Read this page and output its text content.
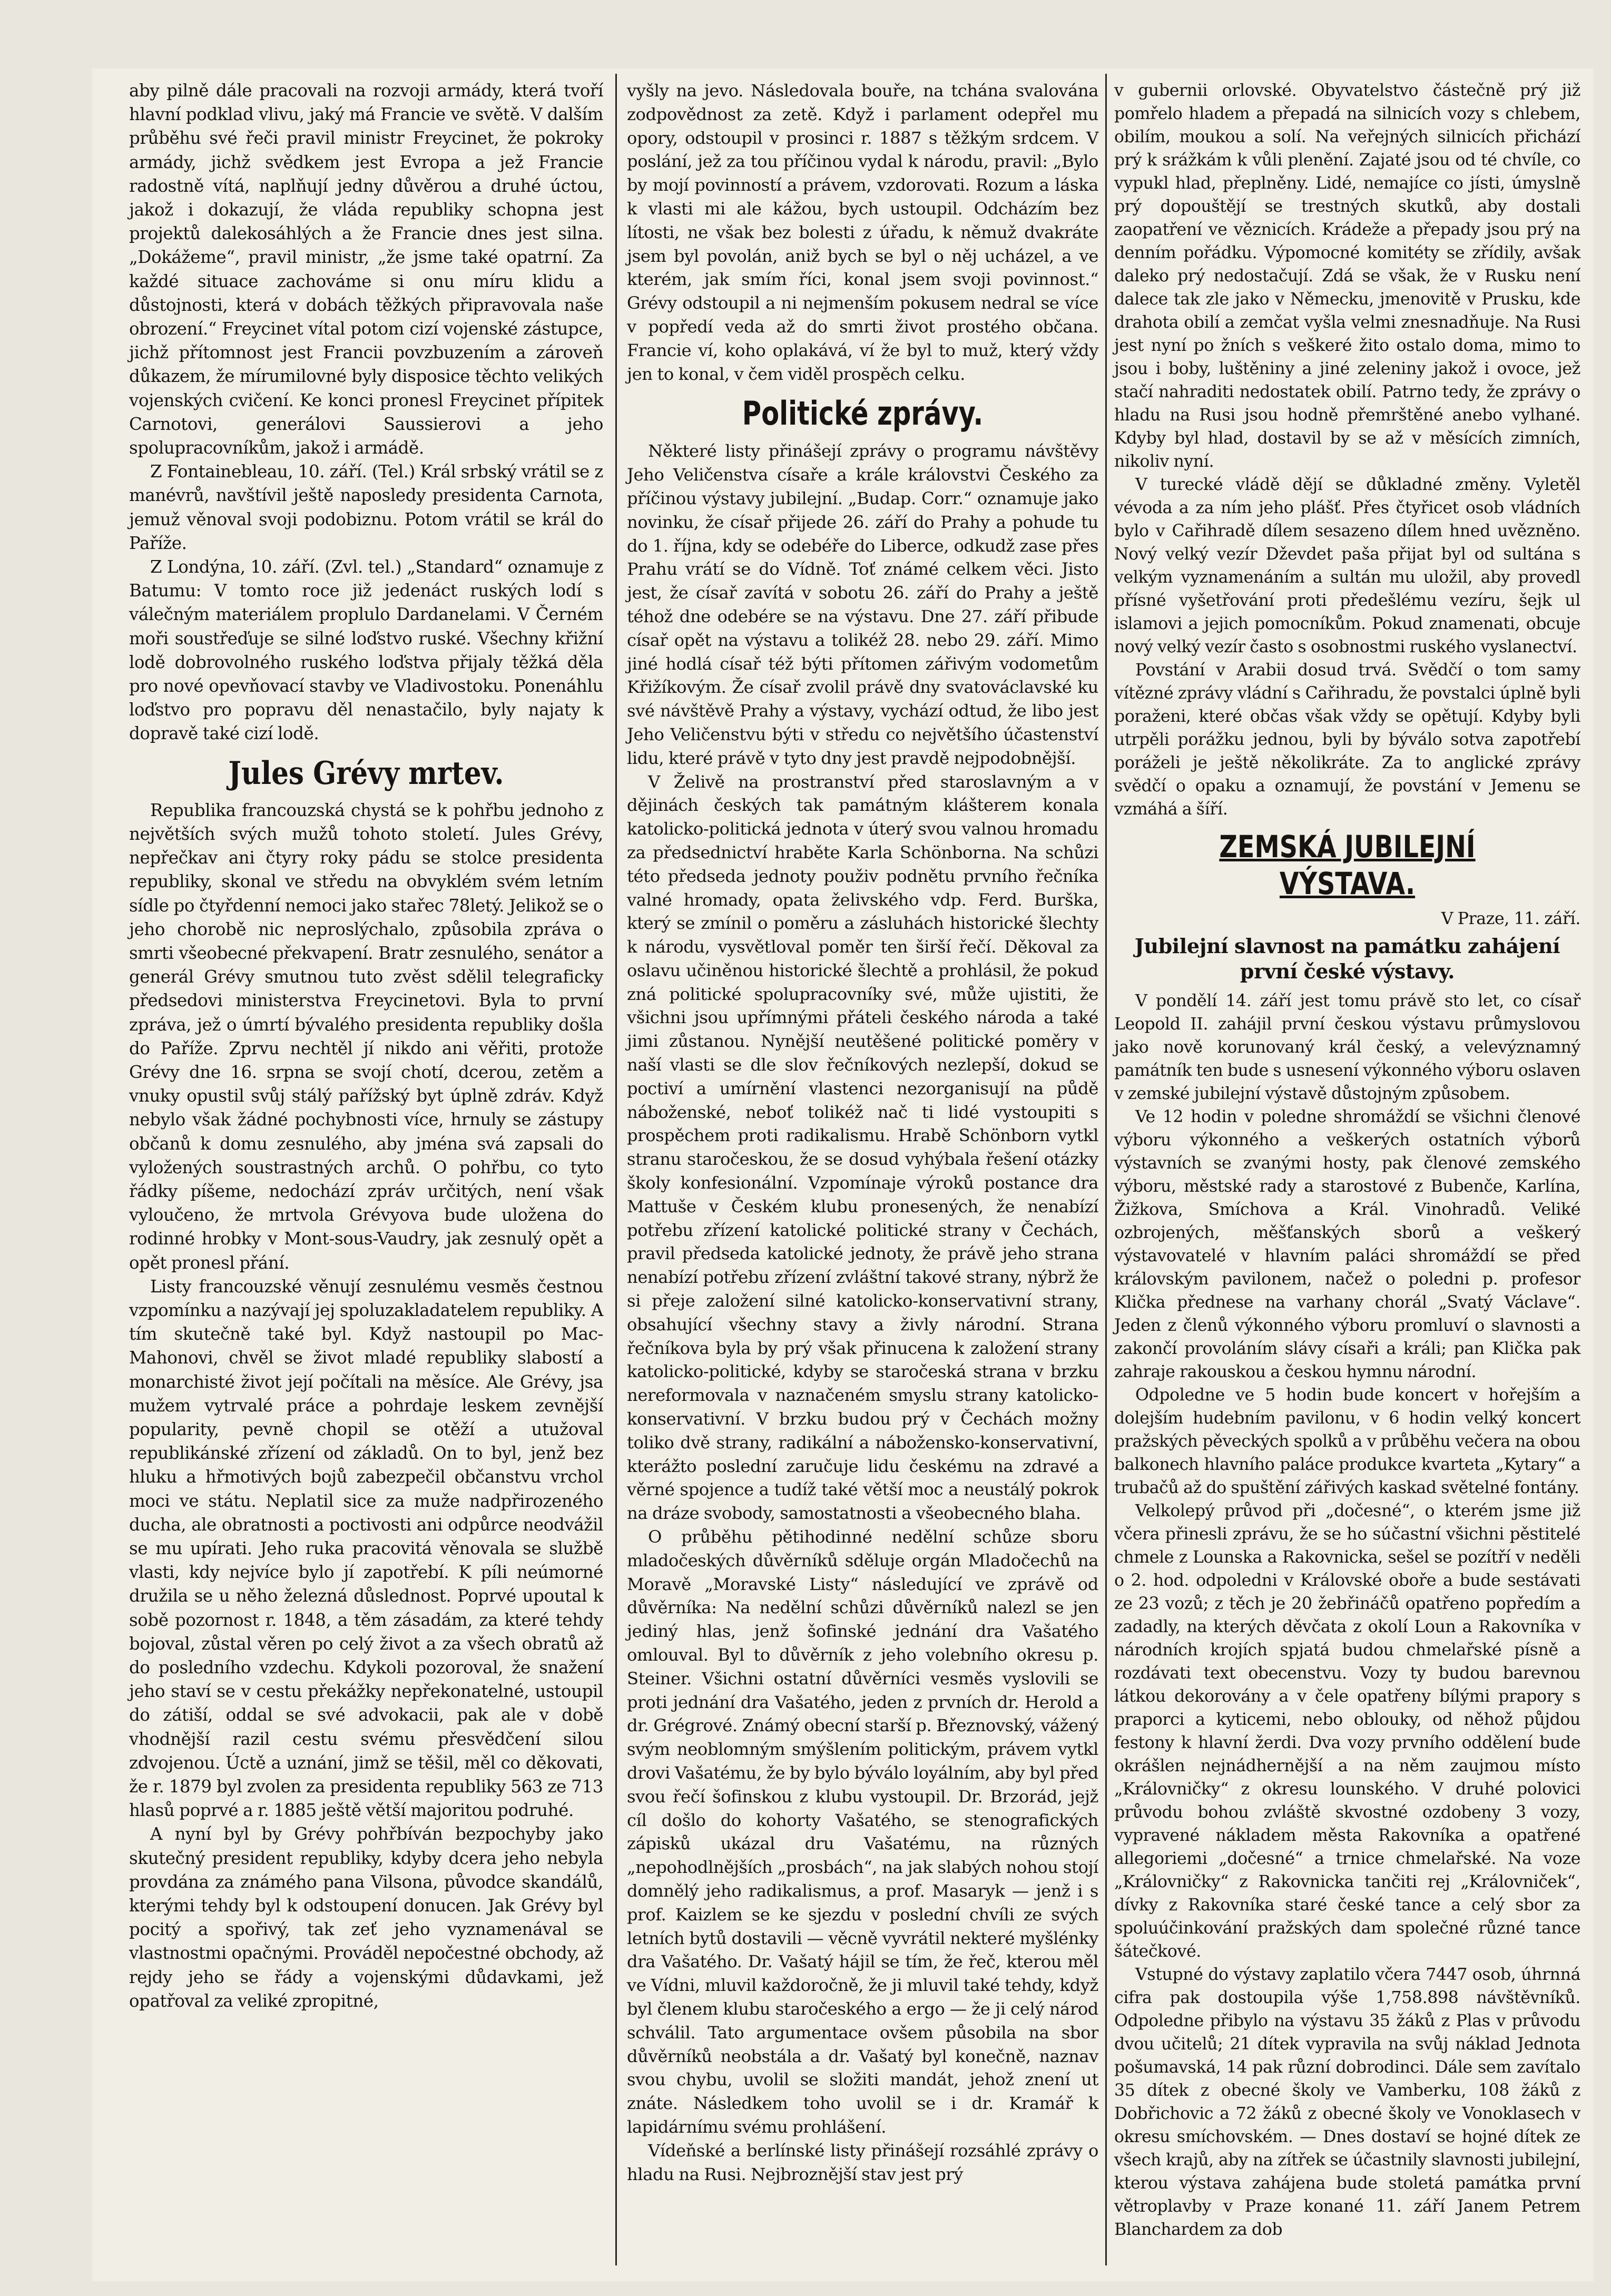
aby pilně dále pracovali na rozvoji armády, která tvoří hlavní podklad vlivu, jaký má Francie ve světě. V dalším průběhu své řeči pravil ministr Freycinet, že pokroky armády, jichž svědkem jest Evropa a jež Francie radostně vítá, naplňují jedny důvěrou a druhé úctou, jakož i dokazují, že vláda republiky schopna jest projektů dalekosáhlých a že Francie dnes jest silna. „Dokážeme“, pravil ministr, „že jsme také opatrní. Za každé situace zachováme si onu míru klidu a důstojnosti, která v dobách těžkých připravovala naše obrození.“ Freycinet vítal potom cizí vojenské zástupce, jichž přítomnost jest Francii povzbuzením a zároveň důkazem, že mírumilovné byly disposice těchto velikých vojenských cvičení. Ke konci pronesl Freycinet přípitek Carnotovi, generálovi Saussierovi a jeho spolupracovníkům, jakož i armádě.

Z Fontainebleau, 10. září. (Tel.) Král srbský vrátil se z manévrů, navštívil ještě naposledy presidenta Carnota, jemuž věnoval svoji podobiznu. Potom vrátil se král do Paříže.

Z Londýna, 10. září. (Zvl. tel.) „Standard“ oznamuje z Batumu: V tomto roce již jedenáct ruských lodí s válečným materiálem proplulo Dardanelami. V Černém moři soustřeďuje se silné loďstvo ruské. Všechny křižní lodě dobrovolného ruského loďstva přijaly těžká děla pro nové opevňovací stavby ve Vladivostoku. Ponenáhlu loďstvo pro popravu děl nenastačilo, byly najaty k dopravě také cizí lodě.

Jules Grévy mrtev.

Republika francouzská chystá se k pohřbu jednoho z největších svých mužů tohoto století. Jules Grévy, nepřečkav ani čtyry roky pádu se stolce presidenta republiky, skonal ve středu na obvyklém svém letním sídle po čtyřdenní nemoci jako stařec 78letý. Jelikož se o jeho chorobě nic neproslýchalo, způsobila zpráva o smrti všeobecné překvapení. Bratr zesnulého, senátor a generál Grévy smutnou tuto zvěst sdělil telegraficky předsedovi ministerstva Freycinetovi. Byla to první zpráva, jež o úmrtí bývalého presidenta republiky došla do Paříže. Zprvu nechtěl jí nikdo ani věřiti, protože Grévy dne 16. srpna se svojí chotí, dcerou, zetěm a vnuky opustil svůj stálý pařížský byt úplně zdráv. Když nebylo však žádné pochybnosti více, hrnuly se zástupy občanů k domu zesnulého, aby jména svá zapsali do vyložených soustrastných archů. O pohřbu, co tyto řádky píšeme, nedochází zpráv určitých, není však vyloučeno, že mrtvola Grévyova bude uložena do rodinné hrobky v Mont-sous-Vaudry, jak zesnulý opět a opět pronesl přání.

Listy francouzské věnují zesnulému vesměs čestnou vzpomínku a nazývají jej spoluzakladatelem republiky. A tím skutečně také byl. Když nastoupil po Mac-Mahonovi, chvěl se život mladé republiky slabostí a monarchisté život její počítali na měsíce. Ale Grévy, jsa mužem vytrvalé práce a pohrdaje leskem zevnější popularity, pevně chopil se otěží a utužoval republikánské zřízení od základů. On to byl, jenž bez hluku a hřmotivých bojů zabezpečil občanstvu vrchol moci ve státu. Neplatil sice za muže nadpřirozeného ducha, ale obratnosti a poctivosti ani odpůrce neodvážil se mu upírati. Jeho ruka pracovitá věnovala se službě vlasti, kdy nejvíce bylo jí zapotřebí. K píli neúmorné družila se u něho železná důslednost. Poprvé upoutal k sobě pozornost r. 1848, a těm zásadám, za které tehdy bojoval, zůstal věren po celý život a za všech obratů až do posledního vzdechu. Kdykoli pozoroval, že snažení jeho staví se v cestu překážky nepřekonatelné, ustoupil do zátiší, oddal se své advokacii, pak ale v době vhodnější razil cestu svému přesvědčení silou zdvojenou. Úctě a uznání, jimž se těšil, měl co děkovati, že r. 1879 byl zvolen za presidenta republiky 563 ze 713 hlasů poprvé a r. 1885 ještě větší majoritou podruhé.

A nyní byl by Grévy pohřbíván bezpochyby jako skutečný president republiky, kdyby dcera jeho nebyla provdána za známého pana Vilsona, původce skandálů, kterými tehdy byl k odstoupení donucen. Jak Grévy byl pocitý a spořivý, tak zeť jeho vyznamenával se vlastnostmi opačnými. Prováděl nepočestné obchody, až rejdy jeho se řády a vojenskými důdavkami, jež opatřoval za veliké zpropitné,

vyšly na jevo. Následovala bouře, na tchána svalována zodpovědnost za zetě. Když i parlament odepřel mu opory, odstoupil v prosinci r. 1887 s těžkým srdcem. V poslání, jež za tou příčinou vydal k národu, pravil: „Bylo by mojí povinností a právem, vzdorovati. Rozum a láska k vlasti mi ale kážou, bych ustoupil. Odcházím bez lítosti, ne však bez bolesti z úřadu, k němuž dvakráte jsem byl povolán, aniž bych se byl o něj ucházel, a ve kterém, jak smím říci, konal jsem svoji povinnost.“ Grévy odstoupil a ni nejmenším pokusem nedral se více v popředí veda až do smrti život prostého občana. Francie ví, koho oplakává, ví že byl to muž, který vždy jen to konal, v čem viděl prospěch celku.

Politické zprávy.

Některé listy přinášejí zprávy o programu návštěvy Jeho Veličenstva císaře a krále královstvi Českého za příčinou výstavy jubilejní. „Budap. Corr.“ oznamuje jako novinku, že císař přijede 26. září do Prahy a pohude tu do 1. října, kdy se odebéře do Liberce, odkudž zase přes Prahu vrátí se do Vídně. Toť známé celkem věci. Jisto jest, že císař zavítá v sobotu 26. září do Prahy a ještě téhož dne odebére se na výstavu. Dne 27. září přibude císař opět na výstavu a tolikéž 28. nebo 29. září. Mimo jiné hodlá císař též býti přítomen zářivým vodometům Křižíkovým. Že císař zvolil právě dny svatováclavské ku své návštěvě Prahy a výstavy, vychází odtud, že libo jest Jeho Veličenstvu býti v středu co největšího účastenství lidu, které právě v tyto dny jest pravdě nejpodobnější.

V Želivě na prostranství před staroslavným a v dějinách českých tak památným klášterem konala katolicko-politická jednota v úterý svou valnou hromadu za předsednictví hraběte Karla Schönborna. Na schůzi této předseda jednoty použiv podnětu prvního řečníka valné hromady, opata želivského vdp. Ferd. Burška, který se zmínil o poměru a zásluhách historické šlechty k národu, vysvětloval poměr ten širší řečí. Děkoval za oslavu učiněnou historické šlechtě a prohlásil, že pokud zná politické spolupracovníky své, může ujistiti, že všichni jsou upřímnými přáteli českého národa a také jimi zůstanou. Nynější neutěšené politické poměry v naší vlasti se dle slov řečníkových nezlepší, dokud se poctiví a umírnění vlastenci nezorganisují na půdě náboženské, neboť tolikéž nač ti lidé vystoupiti s prospěchem proti radikalismu. Hrabě Schönborn vytkl stranu staročeskou, že se dosud vyhýbala řešení otázky školy konfesionální. Vzpomínaje výroků postance dra Mattuše v Českém klubu pronesených, že nenabízí potřebu zřízení katolické politické strany v Čechách, pravil předseda katolické jednoty, že právě jeho strana nenabízí potřebu zřízení zvláštní takové strany, nýbrž že si přeje založení silné katolicko-konservativní strany, obsahující všechny stavy a živly národní. Strana řečníkova byla by prý však přinucena k založení strany katolicko-politické, kdyby se staročeská strana v brzku nereformovala v naznačeném smyslu strany katolicko-konservativní. V brzku budou prý v Čechách možny toliko dvě strany, radikální a nábožensko-konservativní, kterážto poslední zaručuje lidu českému na zdravé a věrné spojence a tudíž také větší moc a neustálý pokrok na dráze svobody, samostatnosti a všeobecného blaha.

O průběhu pětihodinné nedělní schůze sboru mladočeských důvěrníků sděluje orgán Mladočechů na Moravě „Moravské Listy“ následující ve zprávě od důvěrníka: Na nedělní schůzi důvěrníků nalezl se jen jediný hlas, jenž šofinské jednání dra Vašatého omlouval. Byl to důvěrník z jeho volebního okresu p. Steiner. Všichni ostatní důvěrníci vesměs vyslovili se proti jednání dra Vašatého, jeden z prvních dr. Herold a dr. Grégrové. Známý obecní starší p. Březnovský, vážený svým neoblomným smýšlením politickým, právem vytkl drovi Vašatému, že by bylo býválo loyálním, aby byl před svou řečí šofinskou z klubu vystoupil. Dr. Brzorád, jejž cíl došlo do kohorty Vašatého, se stenografických zápisků ukázal dru Vašatému, na různých „nepohodlnějších „prosbách“, na jak slabých nohou stojí domnělý jeho radikalismus, a prof. Masaryk — jenž i s prof. Kaizlem se ke sjezdu v poslední chvíli ze svých letních bytů dostavili — věcně vyvrátil nekteré myšlénky dra Vašatého. Dr. Vašatý hájil se tím, že řeč, kterou měl ve Vídni, mluvil každoročně, že ji mluvil také tehdy, když byl členem klubu staročeského a ergo — že ji celý národ schválil. Tato argumentace ovšem působila na sbor důvěrníků neobstála a dr. Vašatý byl konečně, naznav svou chybu, uvolil se složiti mandát, jehož znení ut znáte. Následkem toho uvolil se i dr. Kramář k lapidárnímu svému prohlášení.

Vídeňské a berlínské listy přinášejí rozsáhlé zprávy o hladu na Rusi. Nejbroznější stav jest prý

v gubernii orlovské. Obyvatelstvo částečně prý již pomřelo hladem a přepadá na silnicích vozy s chlebem, obilím, moukou a solí. Na veřejných silnicích přichází prý k srážkám k vůli plenění. Zajaté jsou od té chvíle, co vypukl hlad, přeplněny. Lidé, nemajíce co jísti, úmyslně prý dopouštějí se trestných skutků, aby dostali zaopatření ve věznicích. Krádeže a přepady jsou prý na denním pořádku. Výpomocné komitéty se zřídily, avšak daleko prý nedostačují. Zdá se však, že v Rusku není dalece tak zle jako v Německu, jmenovitě v Prusku, kde drahota obilí a zemčat vyšla velmi znesnadňuje. Na Rusi jest nyní po žních s veškeré žito ostalo doma, mimo to jsou i boby, luštěniny a jiné zeleniny jakož i ovoce, jež stačí nahraditi nedostatek obilí. Patrno tedy, že zprávy o hladu na Rusi jsou hodně přemrštěné anebo vylhané. Kdyby byl hlad, dostavil by se až v měsících zimních, nikoliv nyní.

V turecké vládě dějí se důkladné změny. Vyletěl vévoda a za ním jeho plášť. Přes čtyřicet osob vládních bylo v Cařihradě dílem sesazeno dílem hned uvězněno. Nový velký vezír Dževdet paša přijat byl od sultána s velkým vyznamenáním a sultán mu uložil, aby provedl přísné vyšetřování proti předešlému vezíru, šejk ul islamovi a jejich pomocníkům. Pokud znamenati, obcuje nový velký vezír často s osobnostmi ruského vyslanectví.

Povstání v Arabii dosud trvá. Svědčí o tom samy vítězné zprávy vládní s Cařihradu, že povstalci úplně byli poraženi, které občas však vždy se opětují. Kdyby byli utrpěli porážku jednou, byli by býválo sotva zapotřebí poráželi je ještě několikráte. Za to anglické zprávy svědčí o opaku a oznamují, že povstání v Jemenu se vzmáhá a šíří.

ZEMSKÁ JUBILEJNÍ VÝSTAVA.

V Praze, 11. září.

Jubilejní slavnost na památku zahájení první české výstavy.

V pondělí 14. září jest tomu právě sto let, co císař Leopold II. zahájil první českou výstavu průmyslovou jako nově korunovaný král český, a velevýznamný památník ten bude s usnesení výkonného výboru oslaven v zemské jubilejní výstavě důstojným způsobem.

Ve 12 hodin v poledne shromáždí se všichni členové výboru výkonného a veškerých ostatních výborů výstavních se zvanými hosty, pak členové zemského výboru, městské rady a starostové z Bubenče, Karlína, Žižkova, Smíchova a Král. Vinohradů. Veliké ozbrojených, měšťanských sborů a veškerý výstavovatelé v hlavním paláci shromáždí se před královským pavilonem, načež o poledni p. profesor Klička přednese na varhany chorál „Svatý Václave“. Jeden z členů výkonného výboru promluví o slavnosti a zakončí provoláním slávy císaři a králi; pan Klička pak zahraje rakouskou a českou hymnu národní.

Odpoledne ve 5 hodin bude koncert v hořejším a dolejším hudebním pavilonu, v 6 hodin velký koncert pražských pěveckých spolků a v průběhu večera na obou balkonech hlavního paláce produkce kvarteta „Kytary“ a trubačů až do spuštění zářivých kaskad světelné fontány.

Velkolepý průvod při „dočesné“, o kterém jsme již včera přinesli zprávu, že se ho súčastní všichni pěstitelé chmele z Lounska a Rakovnicka, sešel se pozítří v neděli o 2. hod. odpoledni v Královské oboře a bude sestávati ze 23 vozů; z těch je 20 žebřináčů opatřeno popředím a zadadly, na kterých děvčata z okolí Loun a Rakovníka v národních krojích spjatá budou chmelařské písně a rozdávati text obecenstvu. Vozy ty budou barevnou látkou dekorovány a v čele opatřeny bílými prapory s praporci a kyticemi, nebo oblouky, od něhož půjdou festony k hlavní žerdi. Dva vozy prvního oddělení bude okrášlen nejnádhernější a na něm zaujmou místo „Královničky“ z okresu lounského. V druhé polovici průvodu bohou zvláště skvostné ozdobeny 3 vozy, vypravené nákladem města Rakovníka a opatřené allegoriemi „dočesné“ a trnice chmelařské. Na voze „Královničky“ z Rakovnicka tančiti rej „Královniček“, dívky z Rakovníka staré české tance a celý sbor za spoluúčinkování pražských dam společné různé tance šátečkové.

Vstupné do výstavy zaplatilo včera 7447 osob, úhrnná cifra pak dostoupila výše 1,758.898 návštěvníků. Odpoledne přibylo na výstavu 35 žáků z Plas v průvodu dvou učitelů; 21 dítek vypravila na svůj náklad Jednota pošumavská, 14 pak různí dobrodinci. Dále sem zavítalo 35 dítek z obecné školy ve Vamberku, 108 žáků z Dobřichovic a 72 žáků z obecné školy ve Vonoklasech v okresu smíchovském. — Dnes dostaví se hojné dítek ze všech krajů, aby na zítřek se účastnily slavnosti jubilejní, kterou výstava zahájena bude stoletá památka první větroplavby v Praze konané 11. září Janem Petrem Blanchardem za dob
